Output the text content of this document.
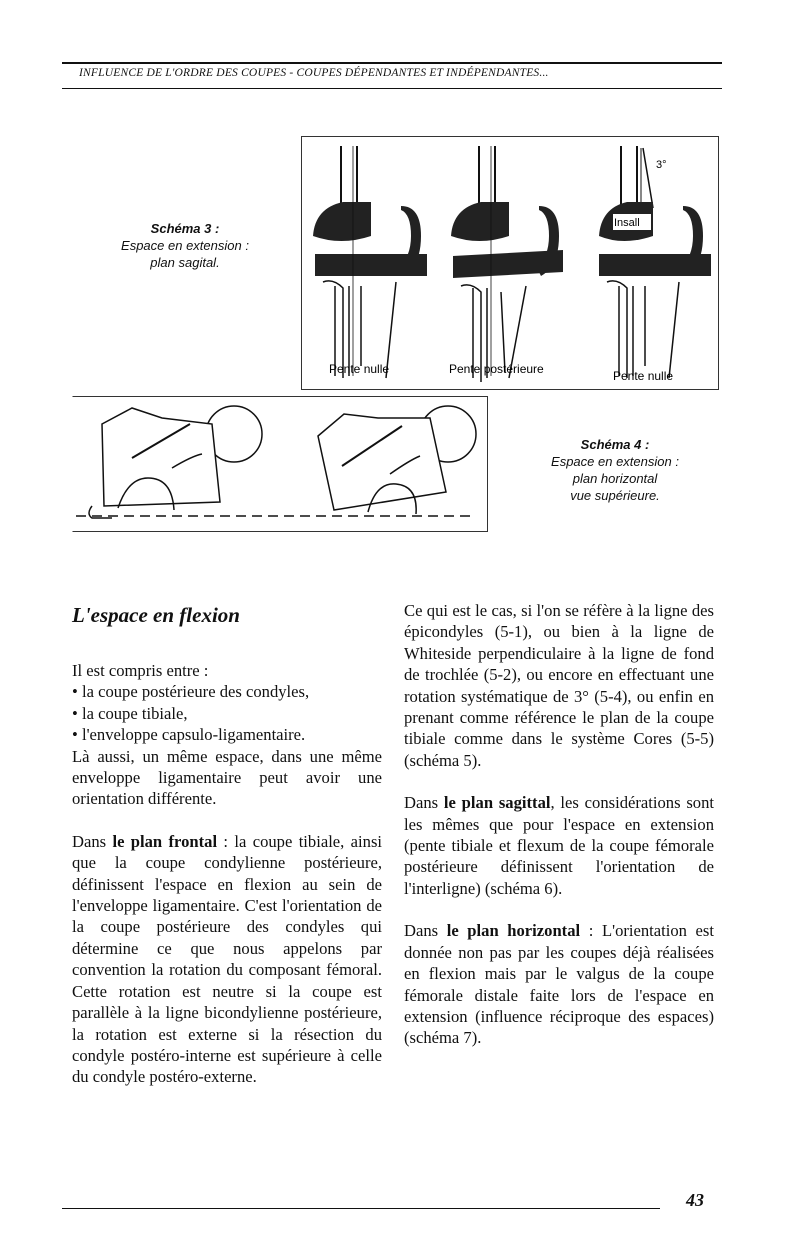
INFLUENCE DE L'ORDRE DES COUPES - COUPES DÉPENDANTES ET INDÉPENDANTES...
Schéma 3 :
Espace en extension :
plan sagital.
Pente nulle	Pente postérieure
3°
Insall
Pente nulle
Schéma 4 :
Espace en extension :
plan horizontal
vue supérieure.

L'espace en flexion

Il est compris entre :

• la coupe postérieure des condyles,

• la coupe tibiale,

• l'enveloppe capsulo-ligamentaire.

Là aussi, un même espace, dans une même enveloppe ligamentaire peut avoir une orientation différente.

Dans le plan frontal : la coupe tibiale, ainsi que la coupe condylienne postérieure, définissent l'espace en flexion au sein de l'enveloppe ligamentaire. C'est l'orientation de la coupe postérieure des condyles qui détermine ce que nous appelons par convention la rotation du composant fémoral. Cette rotation est neutre si la coupe est parallèle à la ligne bicondylienne postérieure, la rotation est externe si la résection du condyle postéro-interne est supérieure à celle du condyle postéro-externe.

Ce qui est le cas, si l'on se réfère à la ligne des épicondyles (5-1), ou bien à la ligne de Whiteside perpendiculaire à la ligne de fond de trochlée (5-2), ou encore en effectuant une rotation systématique de 3° (5-4), ou enfin en prenant comme référence le plan de la coupe tibiale comme dans le système Cores (5-5) (schéma 5).

Dans le plan sagittal, les considérations sont les mêmes que pour l'espace en extension (pente tibiale et flexum de la coupe fémorale postérieure définissent l'orientation de l'interligne) (schéma 6).

Dans le plan horizontal : L'orientation est donnée non pas par les coupes déjà réalisées en flexion mais par le valgus de la coupe fémorale distale faite lors de l'espace en extension (influence réciproque des espaces) (schéma 7).

43
